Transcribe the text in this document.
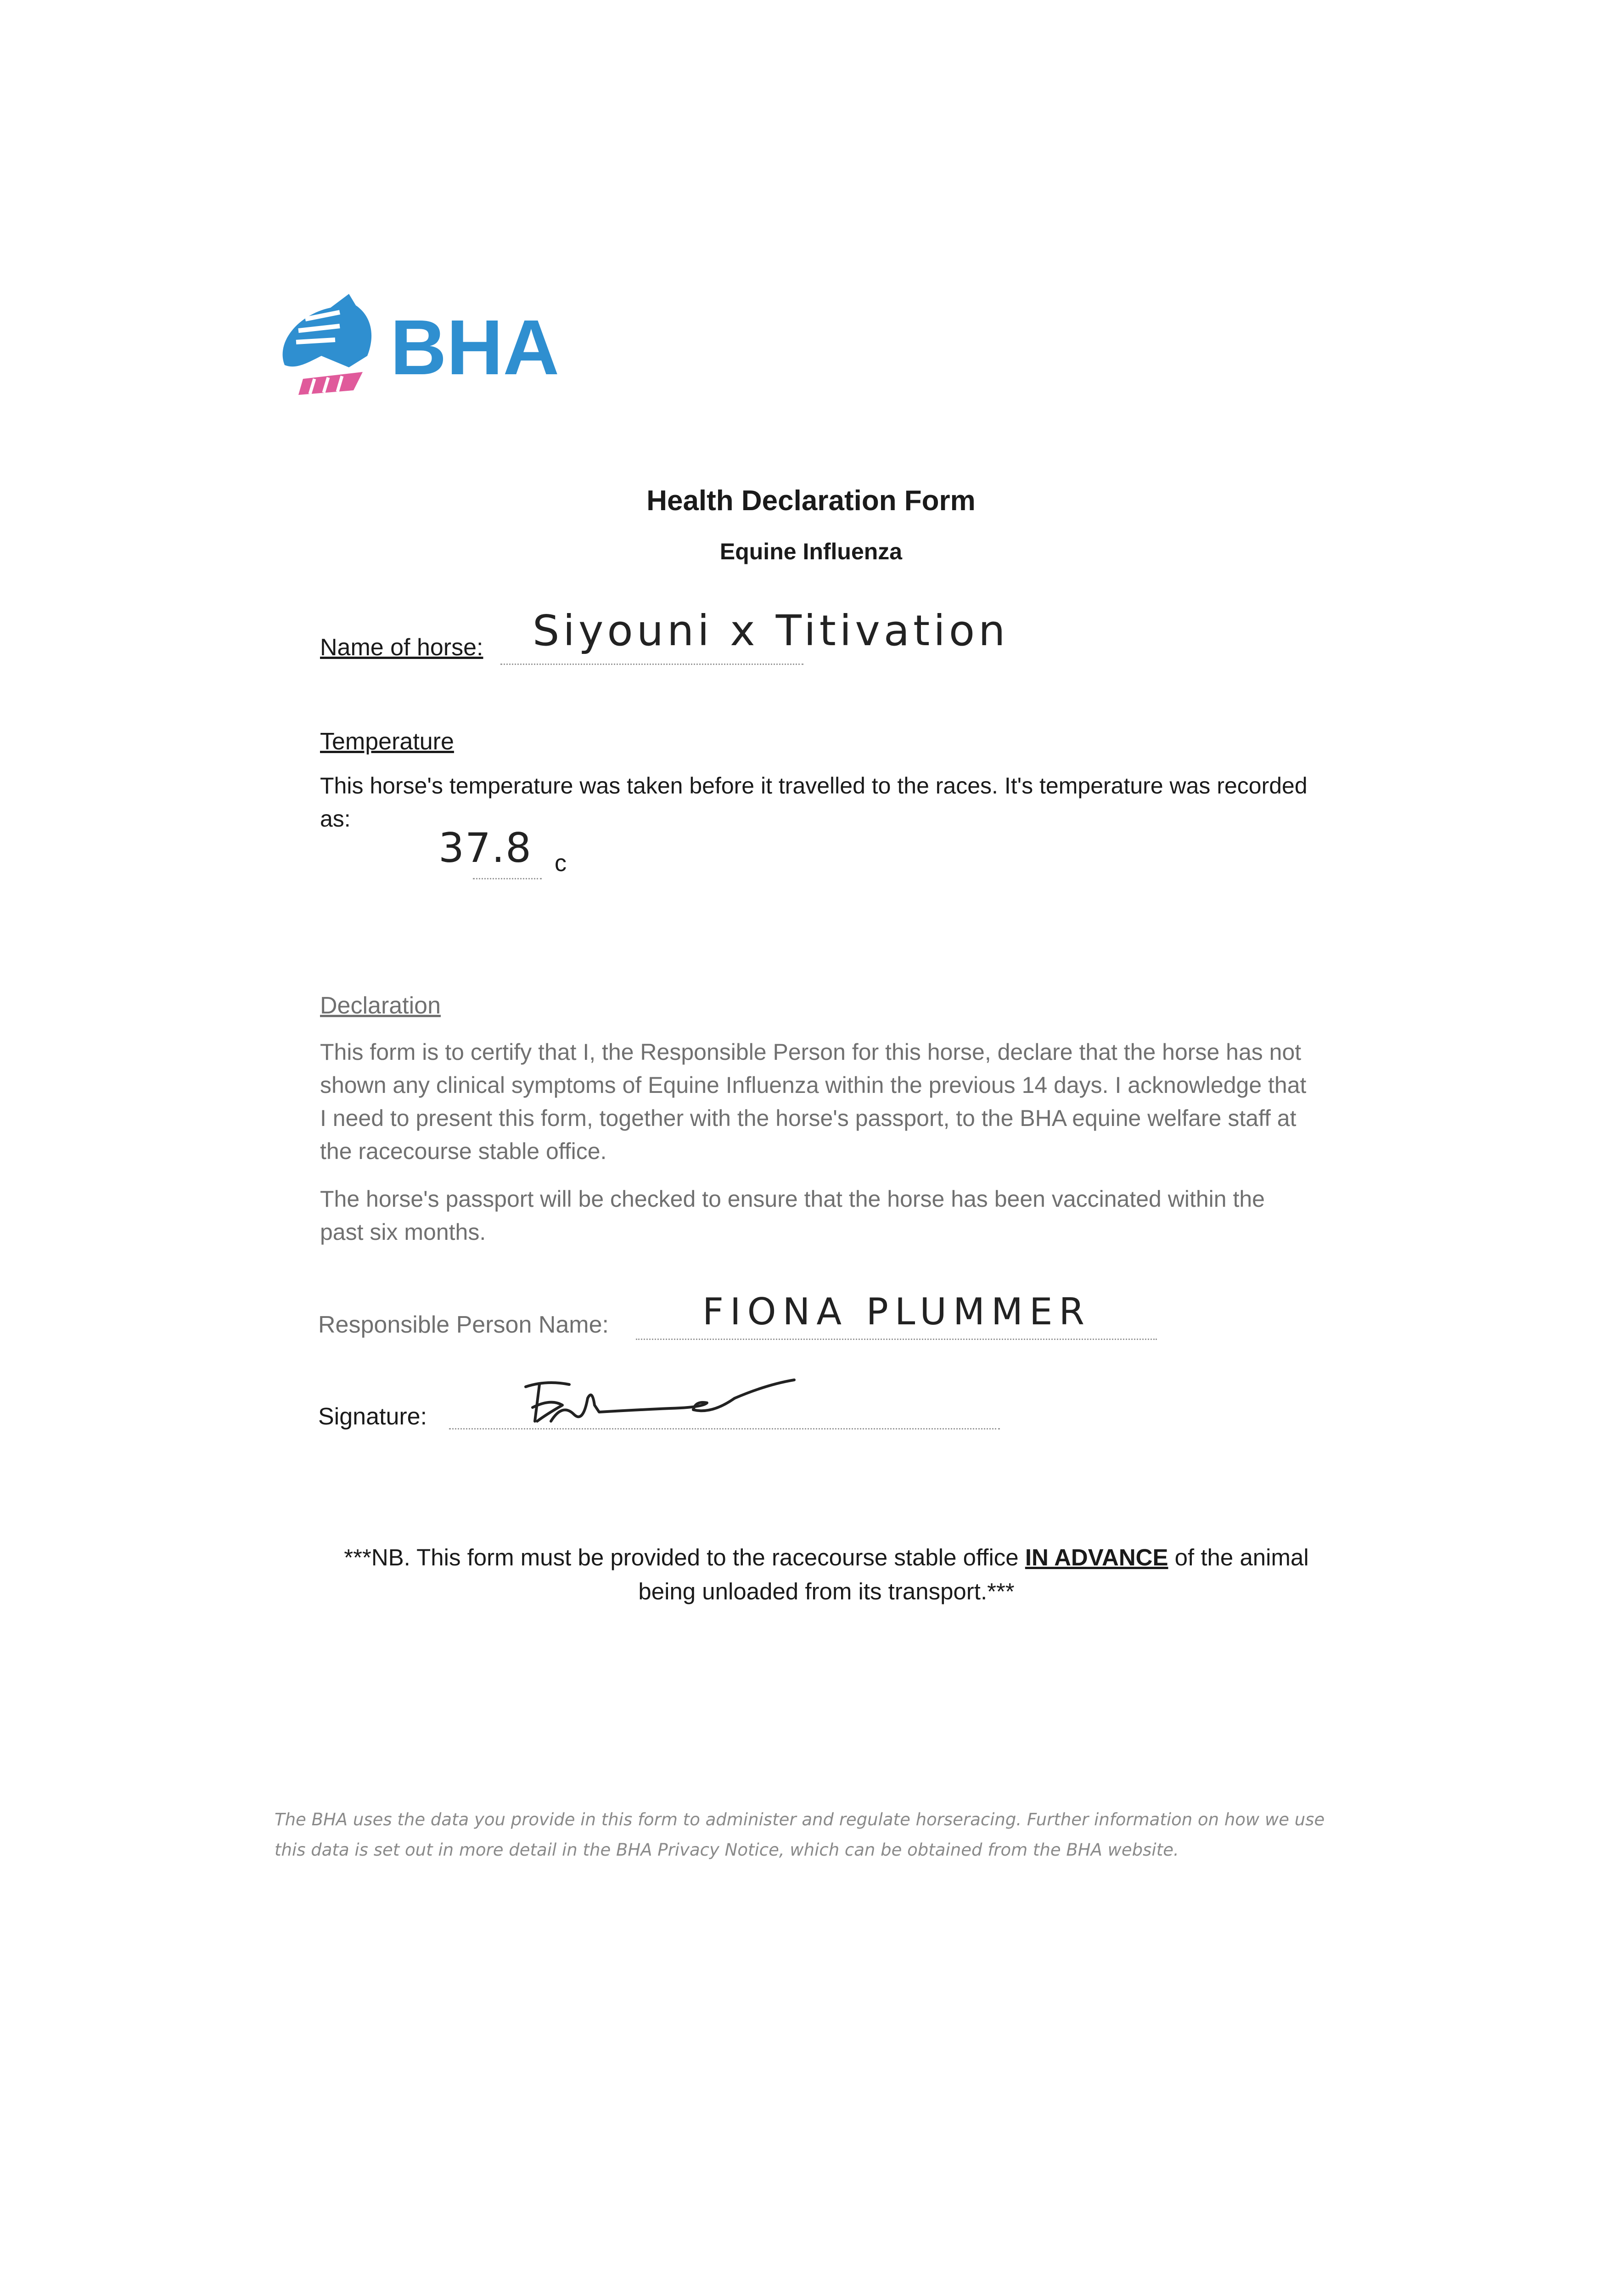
BHA
Health Declaration Form
Equine Influenza
Name of horse: Siyouni x Titivation
Temperature
This horse's temperature was taken before it travelled to the races. It's temperature was recorded as:
37.8 c
Declaration
This form is to certify that I, the Responsible Person for this horse, declare that the horse has not shown any clinical symptoms of Equine Influenza within the previous 14 days. I acknowledge that I need to present this form, together with the horse's passport, to the BHA equine welfare staff at the racecourse stable office.
The horse's passport will be checked to ensure that the horse has been vaccinated within the past six months.
Responsible Person Name:	FIONA PLUMMER
Signature:
***NB. This form must be provided to the racecourse stable office IN ADVANCE of the animal being unloaded from its transport.***
The BHA uses the data you provide in this form to administer and regulate horseracing. Further information on how we use this data is set out in more detail in the BHA Privacy Notice, which can be obtained from the BHA website.
